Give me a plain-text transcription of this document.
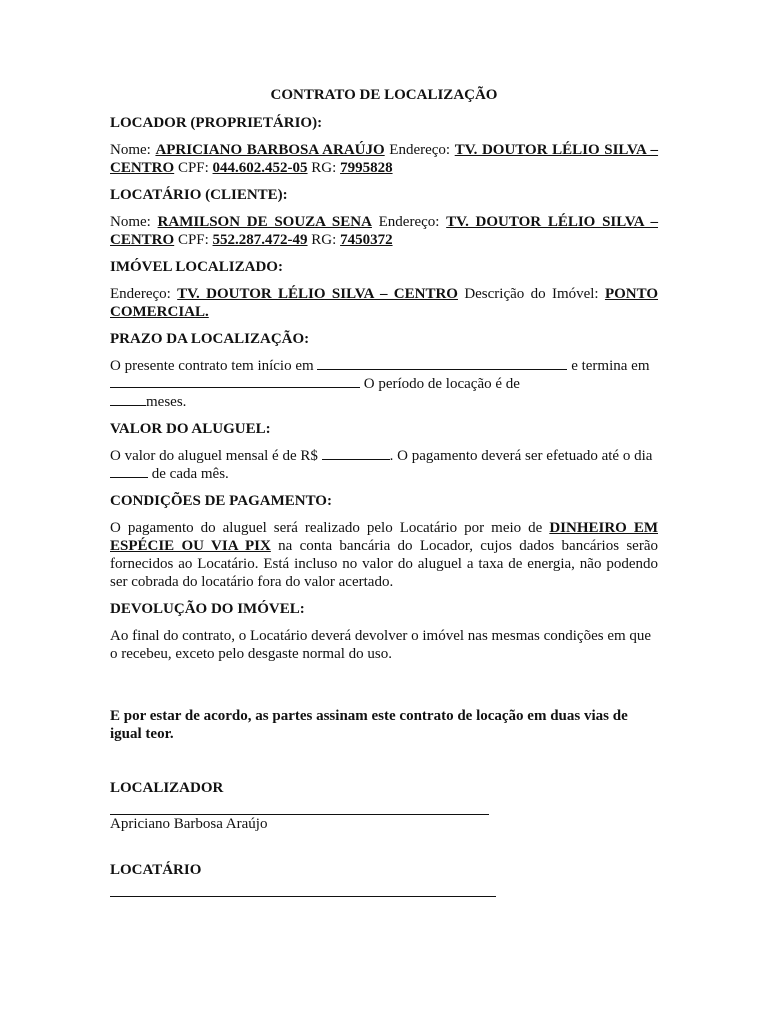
CONTRATO DE LOCALIZAÇÃO
LOCADOR (PROPRIETÁRIO):
Nome: APRICIANO BARBOSA ARAÚJO Endereço: TV. DOUTOR LÉLIO SILVA – CENTRO CPF: 044.602.452-05 RG: 7995828
LOCATÁRIO (CLIENTE):
Nome: RAMILSON DE SOUZA SENA Endereço: TV. DOUTOR LÉLIO SILVA – CENTRO CPF: 552.287.472-49 RG: 7450372
IMÓVEL LOCALIZADO:
Endereço: TV. DOUTOR LÉLIO SILVA – CENTRO Descrição do Imóvel: PONTO COMERCIAL.
PRAZO DA LOCALIZAÇÃO:
O presente contrato tem início em	e termina em  O período de locação é de
meses.
VALOR DO ALUGUEL:
O valor do aluguel mensal é de R$	. O pagamento deverá ser efetuado até o dia  de cada mês.
CONDIÇÕES DE PAGAMENTO:
O pagamento do aluguel será realizado pelo Locatário por meio de DINHEIRO EM ESPÉCIE OU VIA PIX na conta bancária do Locador, cujos dados bancários serão fornecidos ao Locatário. Está incluso no valor do aluguel a taxa de energia, não podendo ser cobrada do locatário fora do valor acertado.
DEVOLUÇÃO DO IMÓVEL:
Ao final do contrato, o Locatário deverá devolver o imóvel nas mesmas condições em que o recebeu, exceto pelo desgaste normal do uso.
E por estar de acordo, as partes assinam este contrato de locação em duas vias de igual teor.
LOCALIZADOR
Apriciano Barbosa Araújo
LOCATÁRIO
